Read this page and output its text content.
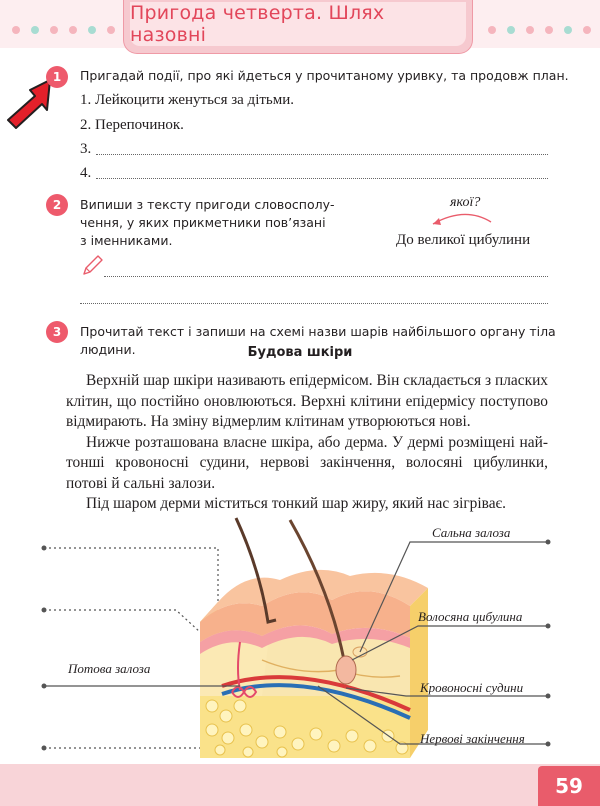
Пригода четверта. Шлях назовні
1	Пригадай події, про які йдеться у прочитаному уривку, та продовж план.
1. Лейкоцити женуться за дітьми.
2. Перепочинок.
3.
4.
2	Випиши з тексту пригоди словосполу-
чення, у яких прикметники пов’язані
з іменниками.
якої?
До великої цибулини
3	Прочитай текст і запиши на схемі назви шарів найбільшого органу тіла людини.	Будова шкіри

Верхній шар шкіри називають епідермісом. Він складається з пласких клітин, що постійно оновлюються. Верхні клітини епідермісу поступово відмирають. На зміну відмерлим клітинам утворюються нові.

Нижче розташована власне шкіра, або дерма. У дермі розміщені найтонші кровоносні судини, нервові закінчення, волосяні цибулинки, потові й сальні залози.

Під шаром дерми міститься тонкий шар жиру, який нас зігріває.

Сальна залоза
Волосяна цибулина
Потова залоза
Кровоносні судини
Нервові закінчення
59
